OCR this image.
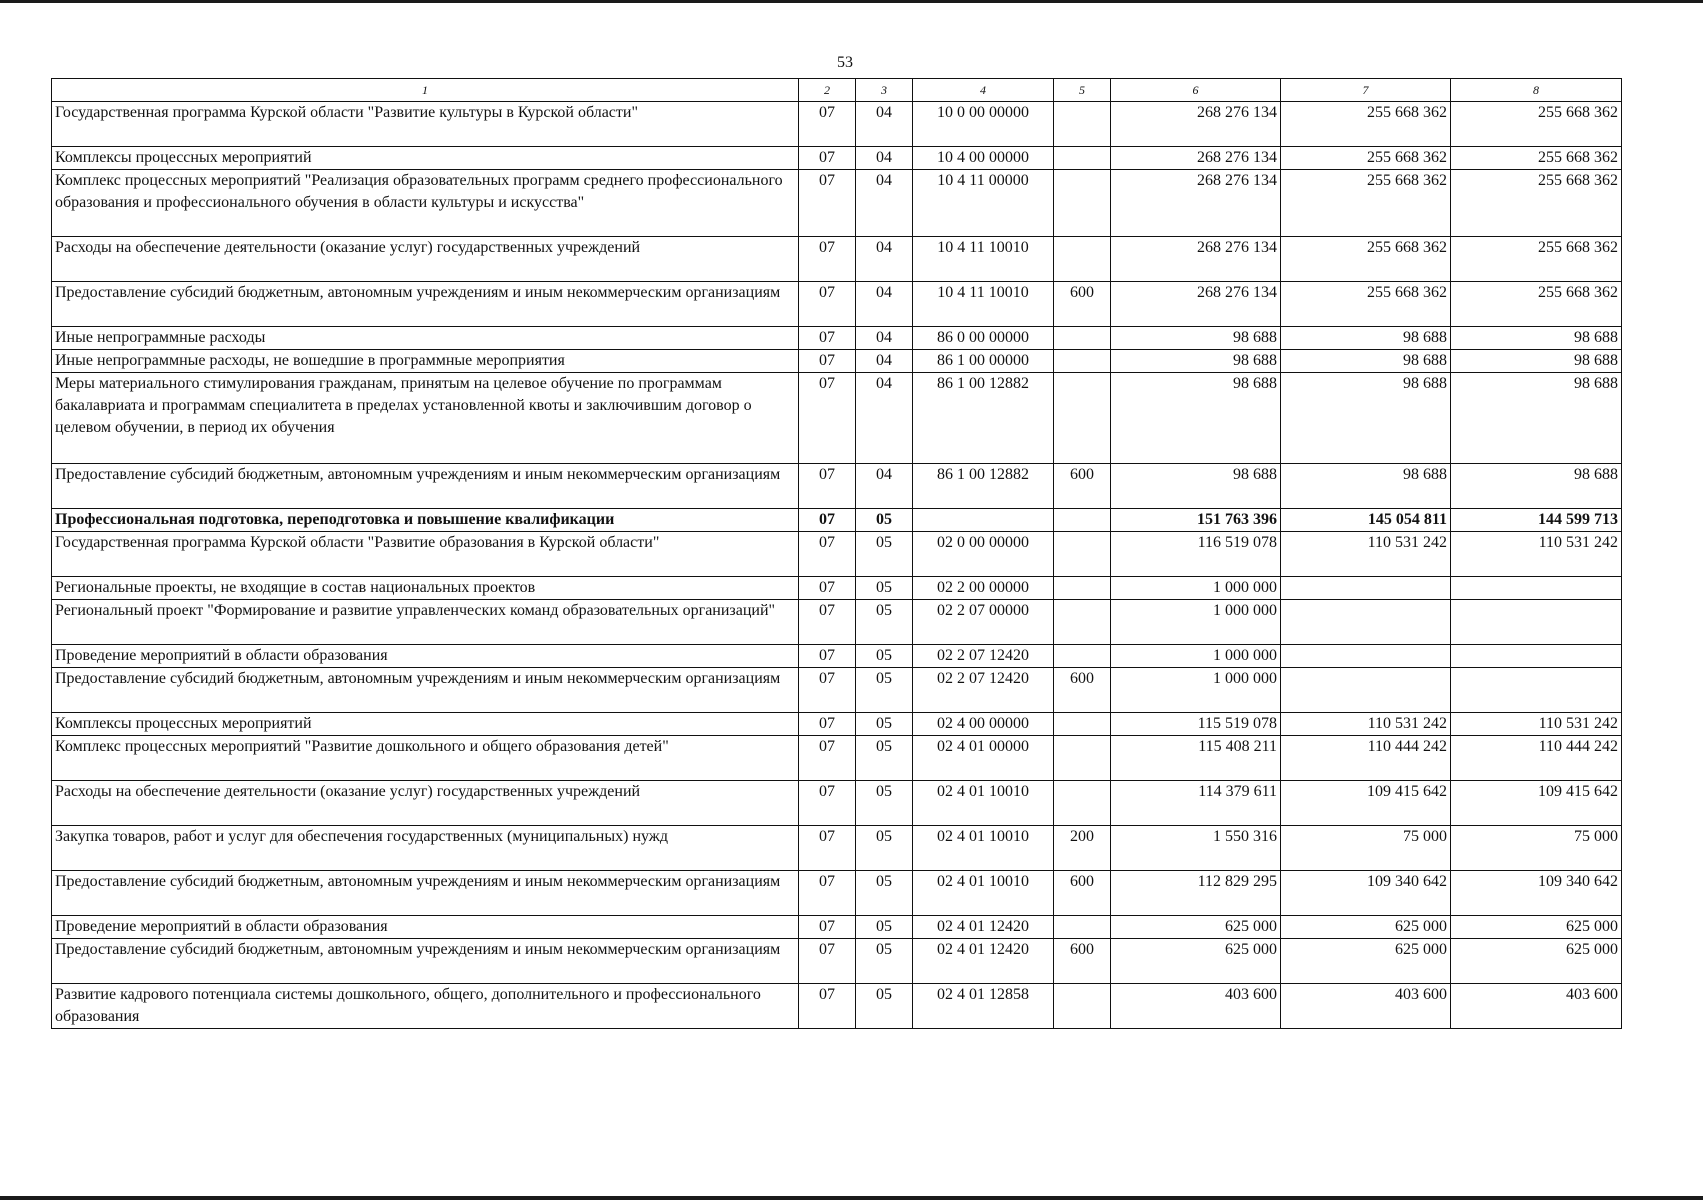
53
1	2	3	4	5	6	7	8
Государственная программа Курской области "Развитие культуры в Курской области"	07	04	10 0 00 00000		268 276 134	255 668 362	255 668 362
Комплексы процессных мероприятий	07	04	10 4 00 00000		268 276 134	255 668 362	255 668 362
Комплекс процессных мероприятий "Реализация образовательных программ среднего профессионального образования и профессионального обучения в области культуры и искусства"	07	04	10 4 11 00000		268 276 134	255 668 362	255 668 362
Расходы на обеспечение деятельности (оказание услуг) государственных учреждений	07	04	10 4 11 10010		268 276 134	255 668 362	255 668 362
Предоставление субсидий бюджетным, автономным учреждениям и иным некоммерческим организациям	07	04	10 4 11 10010	600	268 276 134	255 668 362	255 668 362
Иные непрограммные расходы	07	04	86 0 00 00000		98 688	98 688	98 688
Иные непрограммные расходы, не вошедшие в программные мероприятия	07	04	86 1 00 00000		98 688	98 688	98 688
Меры материального стимулирования гражданам, принятым на целевое обучение по программам бакалавриата и программам специалитета в пределах установленной квоты и заключившим договор о целевом обучении, в период их обучения	07	04	86 1 00 12882		98 688	98 688	98 688
Предоставление субсидий бюджетным, автономным учреждениям и иным некоммерческим организациям	07	04	86 1 00 12882	600	98 688	98 688	98 688
Профессиональная подготовка, переподготовка и повышение квалификации	07	05			151 763 396	145 054 811	144 599 713
Государственная программа Курской области "Развитие образования в Курской области"	07	05	02 0 00 00000		116 519 078	110 531 242	110 531 242
Региональные проекты, не входящие в состав национальных проектов	07	05	02 2 00 00000		1 000 000		
Региональный проект "Формирование и развитие управленческих команд образовательных организаций"	07	05	02 2 07 00000		1 000 000		
Проведение мероприятий в области образования	07	05	02 2 07 12420		1 000 000		
Предоставление субсидий бюджетным, автономным учреждениям и иным некоммерческим организациям	07	05	02 2 07 12420	600	1 000 000		
Комплексы процессных мероприятий	07	05	02 4 00 00000		115 519 078	110 531 242	110 531 242
Комплекс процессных мероприятий "Развитие дошкольного и общего образования детей"	07	05	02 4 01 00000		115 408 211	110 444 242	110 444 242
Расходы на обеспечение деятельности (оказание услуг) государственных учреждений	07	05	02 4 01 10010		114 379 611	109 415 642	109 415 642
Закупка товаров, работ и услуг для обеспечения государственных (муниципальных) нужд	07	05	02 4 01 10010	200	1 550 316	75 000	75 000
Предоставление субсидий бюджетным, автономным учреждениям и иным некоммерческим организациям	07	05	02 4 01 10010	600	112 829 295	109 340 642	109 340 642
Проведение мероприятий в области образования	07	05	02 4 01 12420		625 000	625 000	625 000
Предоставление субсидий бюджетным, автономным учреждениям и иным некоммерческим организациям	07	05	02 4 01 12420	600	625 000	625 000	625 000
Развитие кадрового потенциала системы дошкольного, общего, дополнительного и профессионального образования	07	05	02 4 01 12858		403 600	403 600	403 600
